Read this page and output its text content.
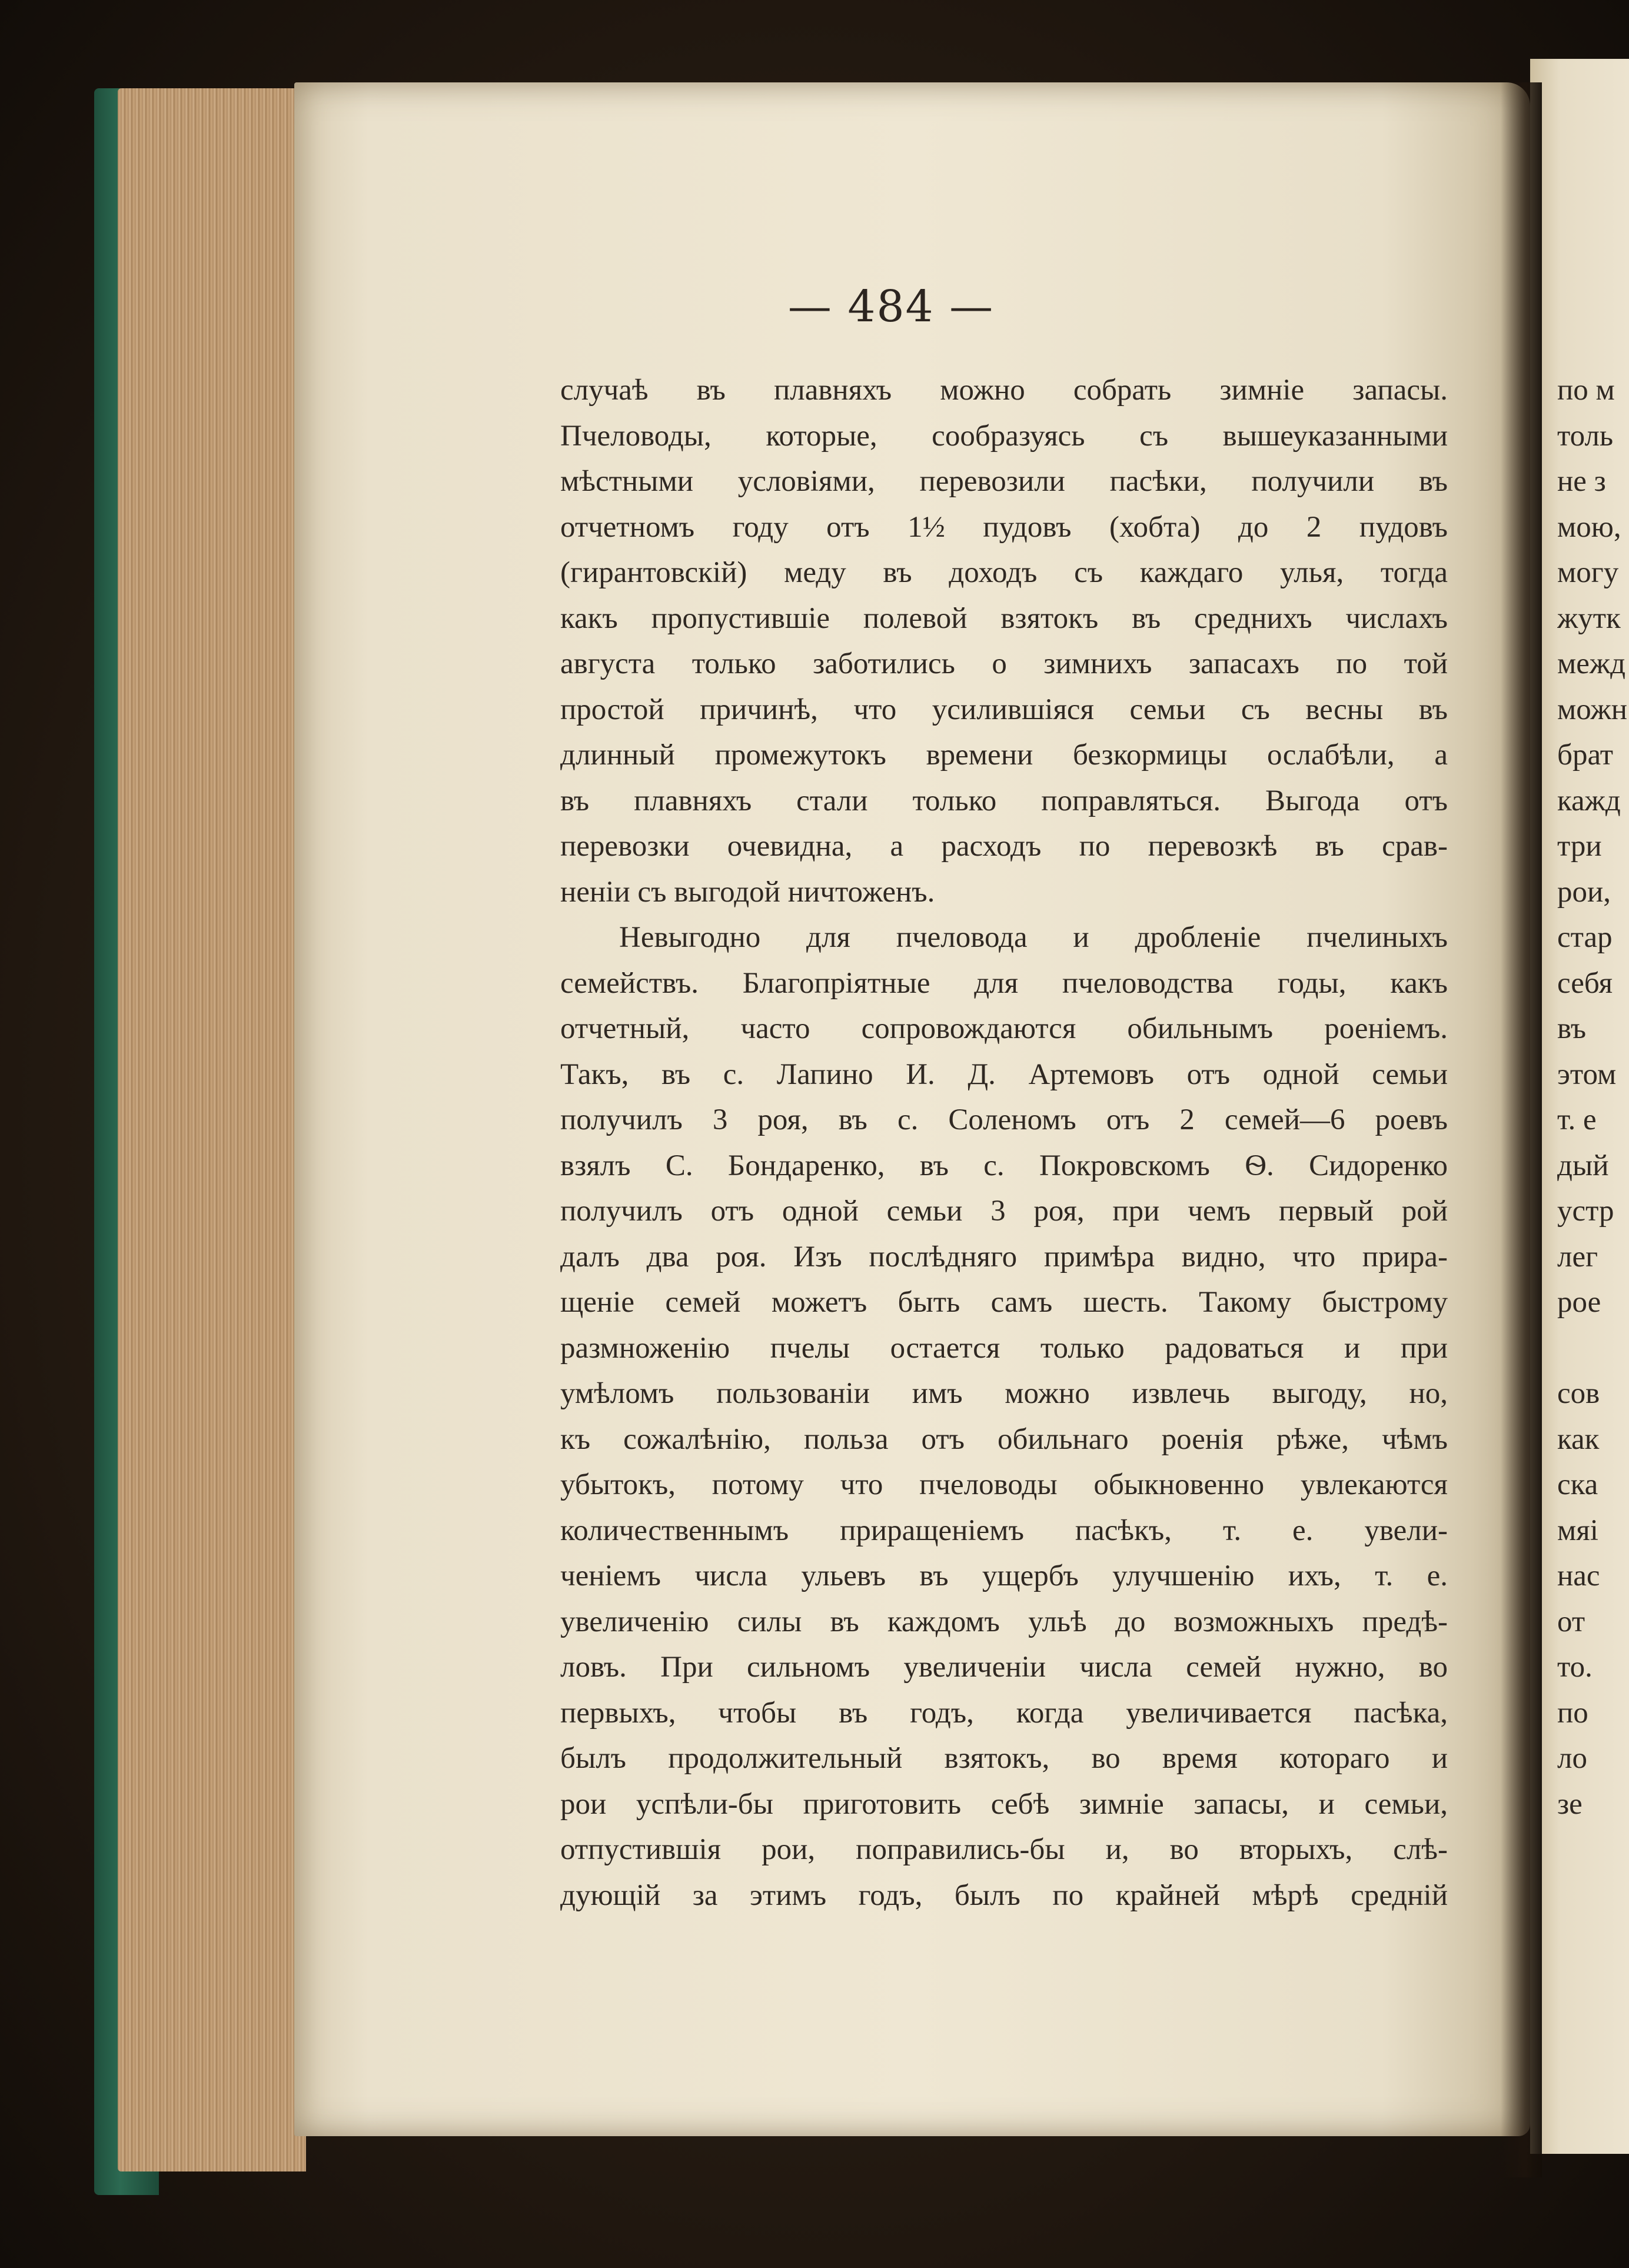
— 484 —
случаѣ въ плавняхъ можно собрать зимніе запасы.
Пчеловоды, которые, сообразуясь съ вышеуказанными
мѣстными условіями, перевозили пасѣки, получили въ
отчетномъ году отъ 1½ пудовъ (хобта) до 2 пудовъ
(гирантовскій) меду въ доходъ съ каждаго улья, тогда
какъ пропустившіе полевой взятокъ въ среднихъ числахъ
августа только заботились о зимнихъ запасахъ по той
простой причинѣ, что усилившіяся семьи съ весны въ
длинный промежутокъ времени безкормицы ослабѣли, а
въ плавняхъ стали только поправляться. Выгода отъ
перевозки очевидна, а расходъ по перевозкѣ въ срав-
неніи съ выгодой ничтоженъ.
Невыгодно для пчеловода и дробленіе пчелиныхъ
семействъ. Благопріятные для пчеловодства годы, какъ
отчетный, часто сопровождаются обильнымъ роеніемъ.
Такъ, въ с. Лапино И. Д. Артемовъ отъ одной семьи
получилъ 3 роя, въ с. Соленомъ отъ 2 семей—6 роевъ
взялъ С. Бондаренко, въ с. Покровскомъ Ѳ. Сидоренко
получилъ отъ одной семьи 3 роя, при чемъ первый рой
далъ два роя. Изъ послѣдняго примѣра видно, что прира-
щеніе семей можетъ быть самъ шесть. Такому быстрому
размноженію пчелы остается только радоваться и при
умѣломъ пользованіи имъ можно извлечь выгоду, но,
къ сожалѣнію, польза отъ обильнаго роенія рѣже, чѣмъ
убытокъ, потому что пчеловоды обыкновенно увлекаются
количественнымъ приращеніемъ пасѣкъ, т. е. увели-
ченіемъ числа ульевъ въ ущербъ улучшенію ихъ, т. е.
увеличенію силы въ каждомъ ульѣ до возможныхъ предѣ-
ловъ. При сильномъ увеличеніи числа семей нужно, во
первыхъ, чтобы въ годъ, когда увеличивается пасѣка,
былъ продолжительный взятокъ, во время котораго и
рои успѣли-бы приготовить себѣ зимніе запасы, и семьи,
отпустившія рои, поправились-бы и, во вторыхъ, слѣ-
дующій за этимъ годъ, былъ по крайней мѣрѣ средній
по м
толь
не з
мою,
могу
жутк
межд
можн
брат
кажд
три
рои,
стар
себя
въ
этом
т. е
дый
устр
лег
рое
сов
как
ска
мяі
нас
от
то.
по
ло
зе
